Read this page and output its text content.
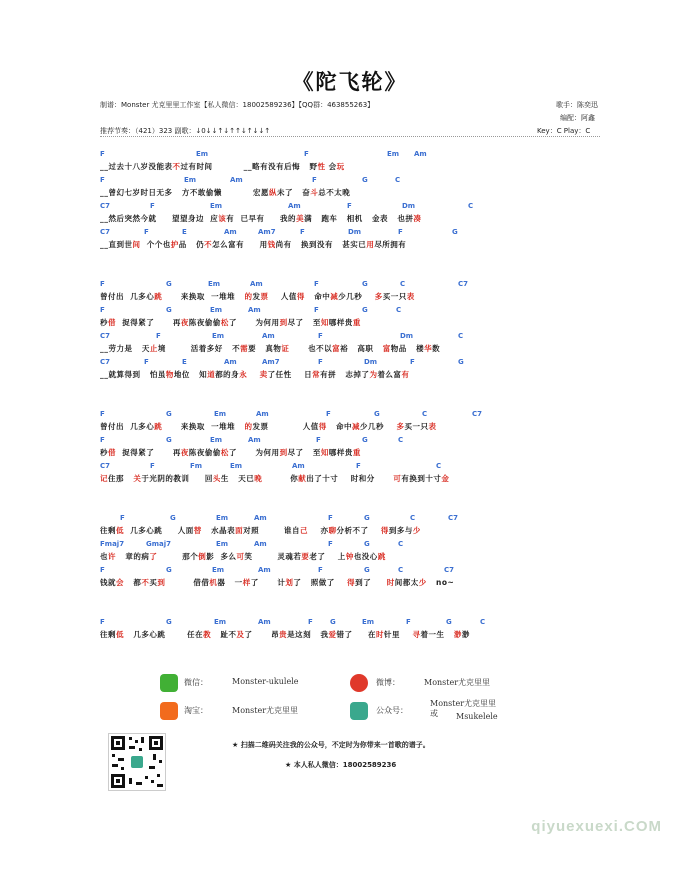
《陀飞轮》
制谱：Monster 尤克里里工作室【私人微信：18002589236】【QQ群：463855263】	歌手：陈奕迅
编配：阿鑫
推荐节奏：（421）323 副歌：↓0↓↓↑↓↑↑↓↑↓↓↑	Key：C Play：C
F	Em	F	Em Am
__过去十八岁没能表不过有时间          __略有没有后悔   野性 会玩
F	Em	Am	F	G	C
__曾幻七岁时日无多   方不敢偷懒          宏愿纵未了   奋斗总不太晚
C7	F	Em	Am	F	Dm	C
__然后突然今就     望望身边  应该有  已早有     我的美满   跑车   相机   金表   也拼凑
C7	F	E	Am	Am7	F	Dm	F	G
__直到世间  个个也护品   仍不怎么富有     用钱尚有   换到没有   甚实已用尽所拥有
F	G	Em	Am	F	G	C	C7
曾付出  几多心跳      来换取  一堆堆   的发票    人值得   命中减少几秒    多买一只表
F	G	Em	Am	F	G	C
秒借  捉得紧了      再夜陈夜偷偷松了      为何用到尽了   至知哪样贵重
C7	F	Em	Am	F	Dm	C
__劳力是   天止境        活着多好   不需要   真物证      也不以富裕   高职   富物品   楼华数
C7	F	E	Am	Am7	F	Dm	F	G
__就算得到   怕虽物地位   知道都的身永 卖了任性    日常有拼   志掉了为着么富有
F	G	Em	Am	F	G	C	C7
曾付出  几多心跳      来换取  一堆堆   的发票           人值得   命中减少几秒    多买一只表
F	G	Em	Am	F	G	C
秒借  捉得紧了      再夜陈夜偷偷松了      为何用到尽了   至知哪样贵重
C7	F	Fm	Em	Am	F	C
记住那   关于光阴的教训     回头生   天已晚         你献出了十寸    时和分      可有换到十寸金
F	G	Em	Am	F	G	C	C7
往剩低  几多心跳     人面替   水晶表面对照        谁自己    亦聊分析不了    得到多与少
Fmaj7	Gmaj7	Em	Am	F	G	C
也许   章的病了        那个倒影  多么可笑        灵魂若要老了    上钟也没心跳
F	G	Em	Am	F	G	C	C7
钱就会   都不买到         借借机器   一样了      计划了   照做了    得到了     时间都太少   no~
F	G	Em	Am	F G	Em	F	G	C
往剩低   几多心跳       任在教   趾不及了      昂贵是这刻   我爱错了     在时针里    寻着一生   渺渺
微信：	Monster-ukulele	微博：	Monster尤克里里
淘宝：	Monster尤克里里	公众号：
Monster尤克里里
或 Msukelele
★ 扫描二维码关注我的公众号，不定时为你带来一首歌的谱子。
★ 本人私人微信：18002589236
qiyuexuexi.COM
